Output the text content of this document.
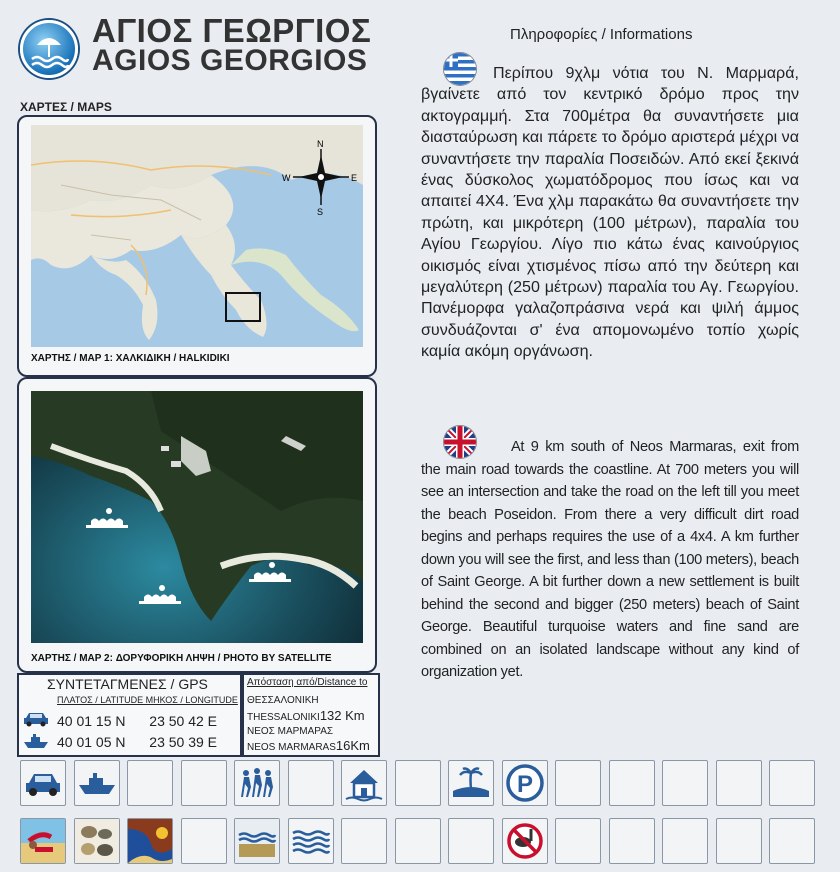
ΑΓΙΟΣ ΓΕΩΡΓΙΟΣ
AGIOS GEORGIOS
ΧΑΡΤΕΣ / MAPS
Πληροφορίες / Informations
N
S
E
W
ΧΑΡΤΗΣ / MAP 1: ΧΑΛΚΙΔΙΚΗ / HALKIDIKI
ΧΑΡΤΗΣ / MAP 2: ΔΟΡΥΦΟΡΙΚΗ ΛΗΨΗ / PHOTO BY SATELLITE
ΣΥΝΤΕΤΑΓΜΕΝΕΣ / GPS
ΠΛΑΤΟΣ / LATITUDE ΜΗΚΟΣ / LONGITUDE
40 01 15 N 23 50 42 E
40 01 05 N 23 50 39 E
Απόσταση από/Distance to
ΘΕΣΣΑΛΟΝΙΚΗ
THESSALONIKI132 Km
ΝΕΟΣ ΜΑΡΜΑΡΑΣ
NEOS MARMARAS16Km
Περίπου 9χλμ νότια του Ν. Μαρμαρά, βγαίνετε από τον κεντρικό δρόμο προς την ακτογραμμή. Στα 700μέτρα θα συναντήσετε μια διασταύρωση και πάρετε το δρόμο αριστερά μέχρι να συναντήσετε την παραλία Ποσειδών. Από εκεί ξεκινά ένας δύσκολος χωματόδρομος που ίσως και να απαιτεί 4Χ4. Ένα χλμ παρακάτω θα συναντήσετε την πρώτη, και μικρότερη (100 μέτρων), παραλία του Αγίου Γεωργίου. Λίγο πιο κάτω ένας καινούργιος οικισμός είναι χτισμένος πίσω από την δεύτερη και μεγαλύτερη (250 μέτρων) παραλία του Αγ. Γεωργίου. Πανέμορφα γαλαζοπράσινα νερά και ψιλή άμμος συνδυάζονται σ' ένα απομονωμένο τοπίο χωρίς καμία ακόμη οργάνωση.
At 9 km south of Neos Marmaras, exit from the main road towards the coastline. At 700 meters you will see an intersection and take the road on the left till you meet the beach Poseidon. From there a very difficult dirt road begins and perhaps requires the use of a 4x4. A km further down you will see the first, and less than (100 meters), beach of Saint George. A bit further down a new settlement is built behind the second and bigger (250 meters) beach of Saint George. Beautiful turquoise waters and fine sand are combined on an isolated landscape without any kind of organization yet.
P
